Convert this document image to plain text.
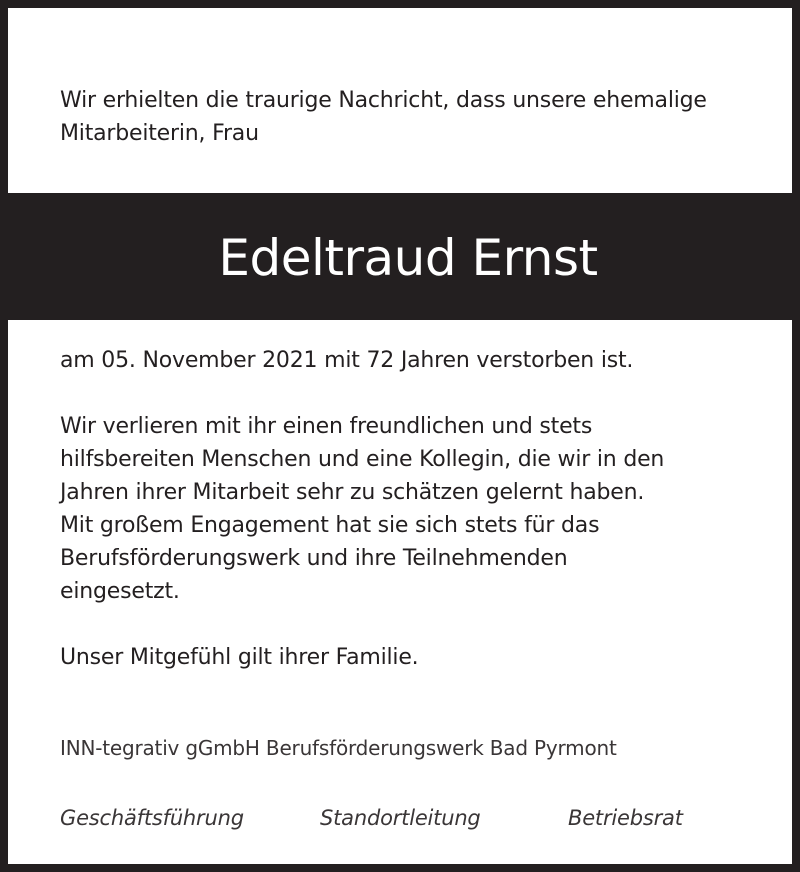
Wir erhielten die traurige Nachricht, dass unsere ehemalige
Mitarbeiterin, Frau
Edeltraud Ernst

am 05. November 2021 mit 72 Jahren verstorben ist.

Wir verlieren mit ihr einen freundlichen und stets
hilfsbereiten Menschen und eine Kollegin, die wir in den
Jahren ihrer Mitarbeit sehr zu schätzen gelernt haben.
Mit großem Engagement hat sie sich stets für das
Berufsförderungswerk und ihre Teilnehmenden
eingesetzt.

Unser Mitgefühl gilt ihrer Familie.

INN-tegrativ gGmbH Berufsförderungswerk Bad Pyrmont
Geschäftsführung	Standortleitung	Betriebsrat
